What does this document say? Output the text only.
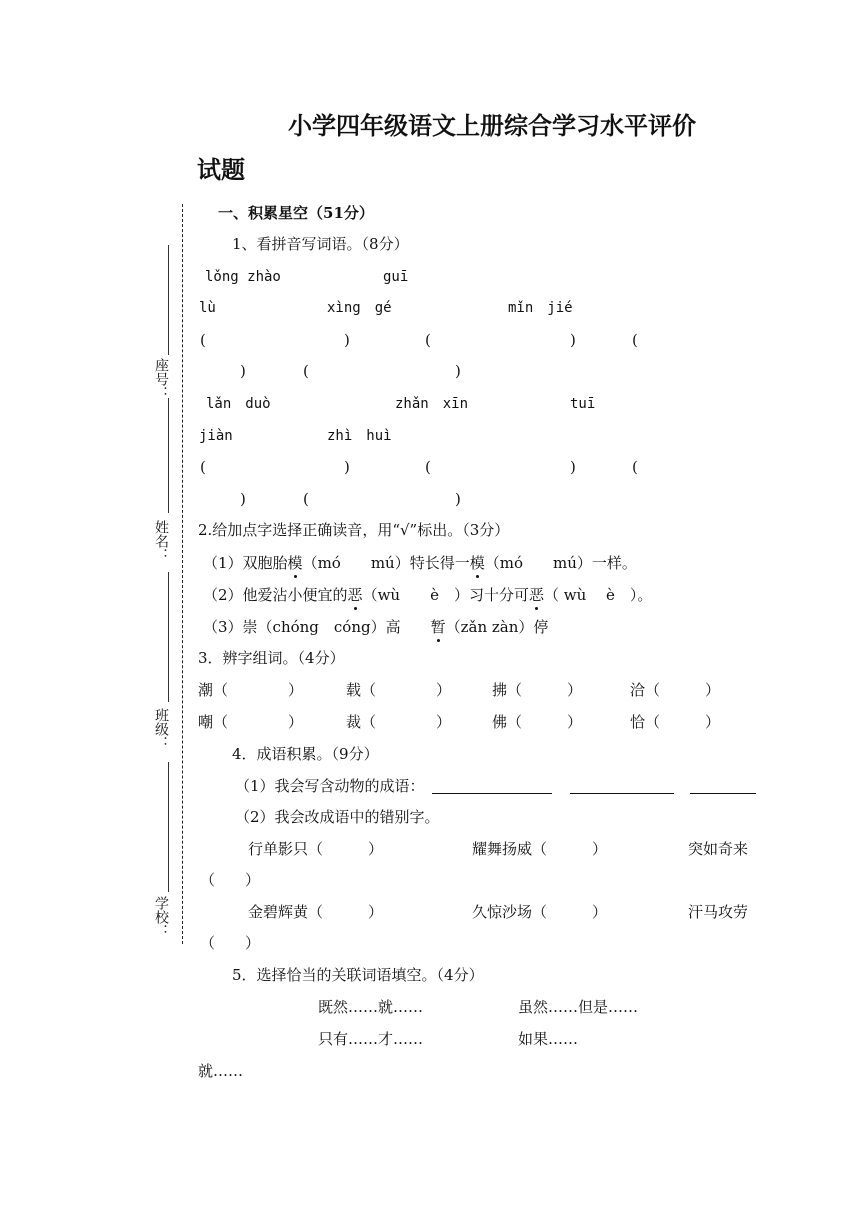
座号：
姓名：
班级：
学校：
小学四年级语文上册综合学习水平评价
试题
一、积累星空（51分）
1、看拼音写词语。（8分）
lǒng zhào	guī
lù	xìng　gé	mǐn　jié
(	)	(	)	(
)	(	)
lǎn　duò	zhǎn　xīn	tuī
jiàn	zhì　huì
(	)	(	)	(
)	(	)
2.给加点字选择正确读音，用“√”标出。（3分）
（1）双胞胎模（mó　　mú）特长得一模（mó　　mú）一样。
（2）他爱沾小便宜的恶（wù　　è　）习十分可恶（ wù　 è　）。
（3）崇（chóng　cóng）高　　暂（zǎn zàn）停
3．辨字组词。（4分）
潮（　　　　）	载（　　　　）	拂（　　　）	洽（　　　）
嘲（　　　　）	裁（　　　　）	佛（　　　）	恰（　　　）
4．成语积累。（9分）
（1）我会写含动物的成语：
（2）我会改成语中的错别字。
行单影只（　　　）	耀舞扬威（　　　）	突如奇来
（　　）
金碧辉黄（　　　）	久惊沙场（　　　）	汗马攻劳
（　　）
5．选择恰当的关联词语填空。（4分）
既然……就……	虽然……但是……
只有……才……	如果……
就……
